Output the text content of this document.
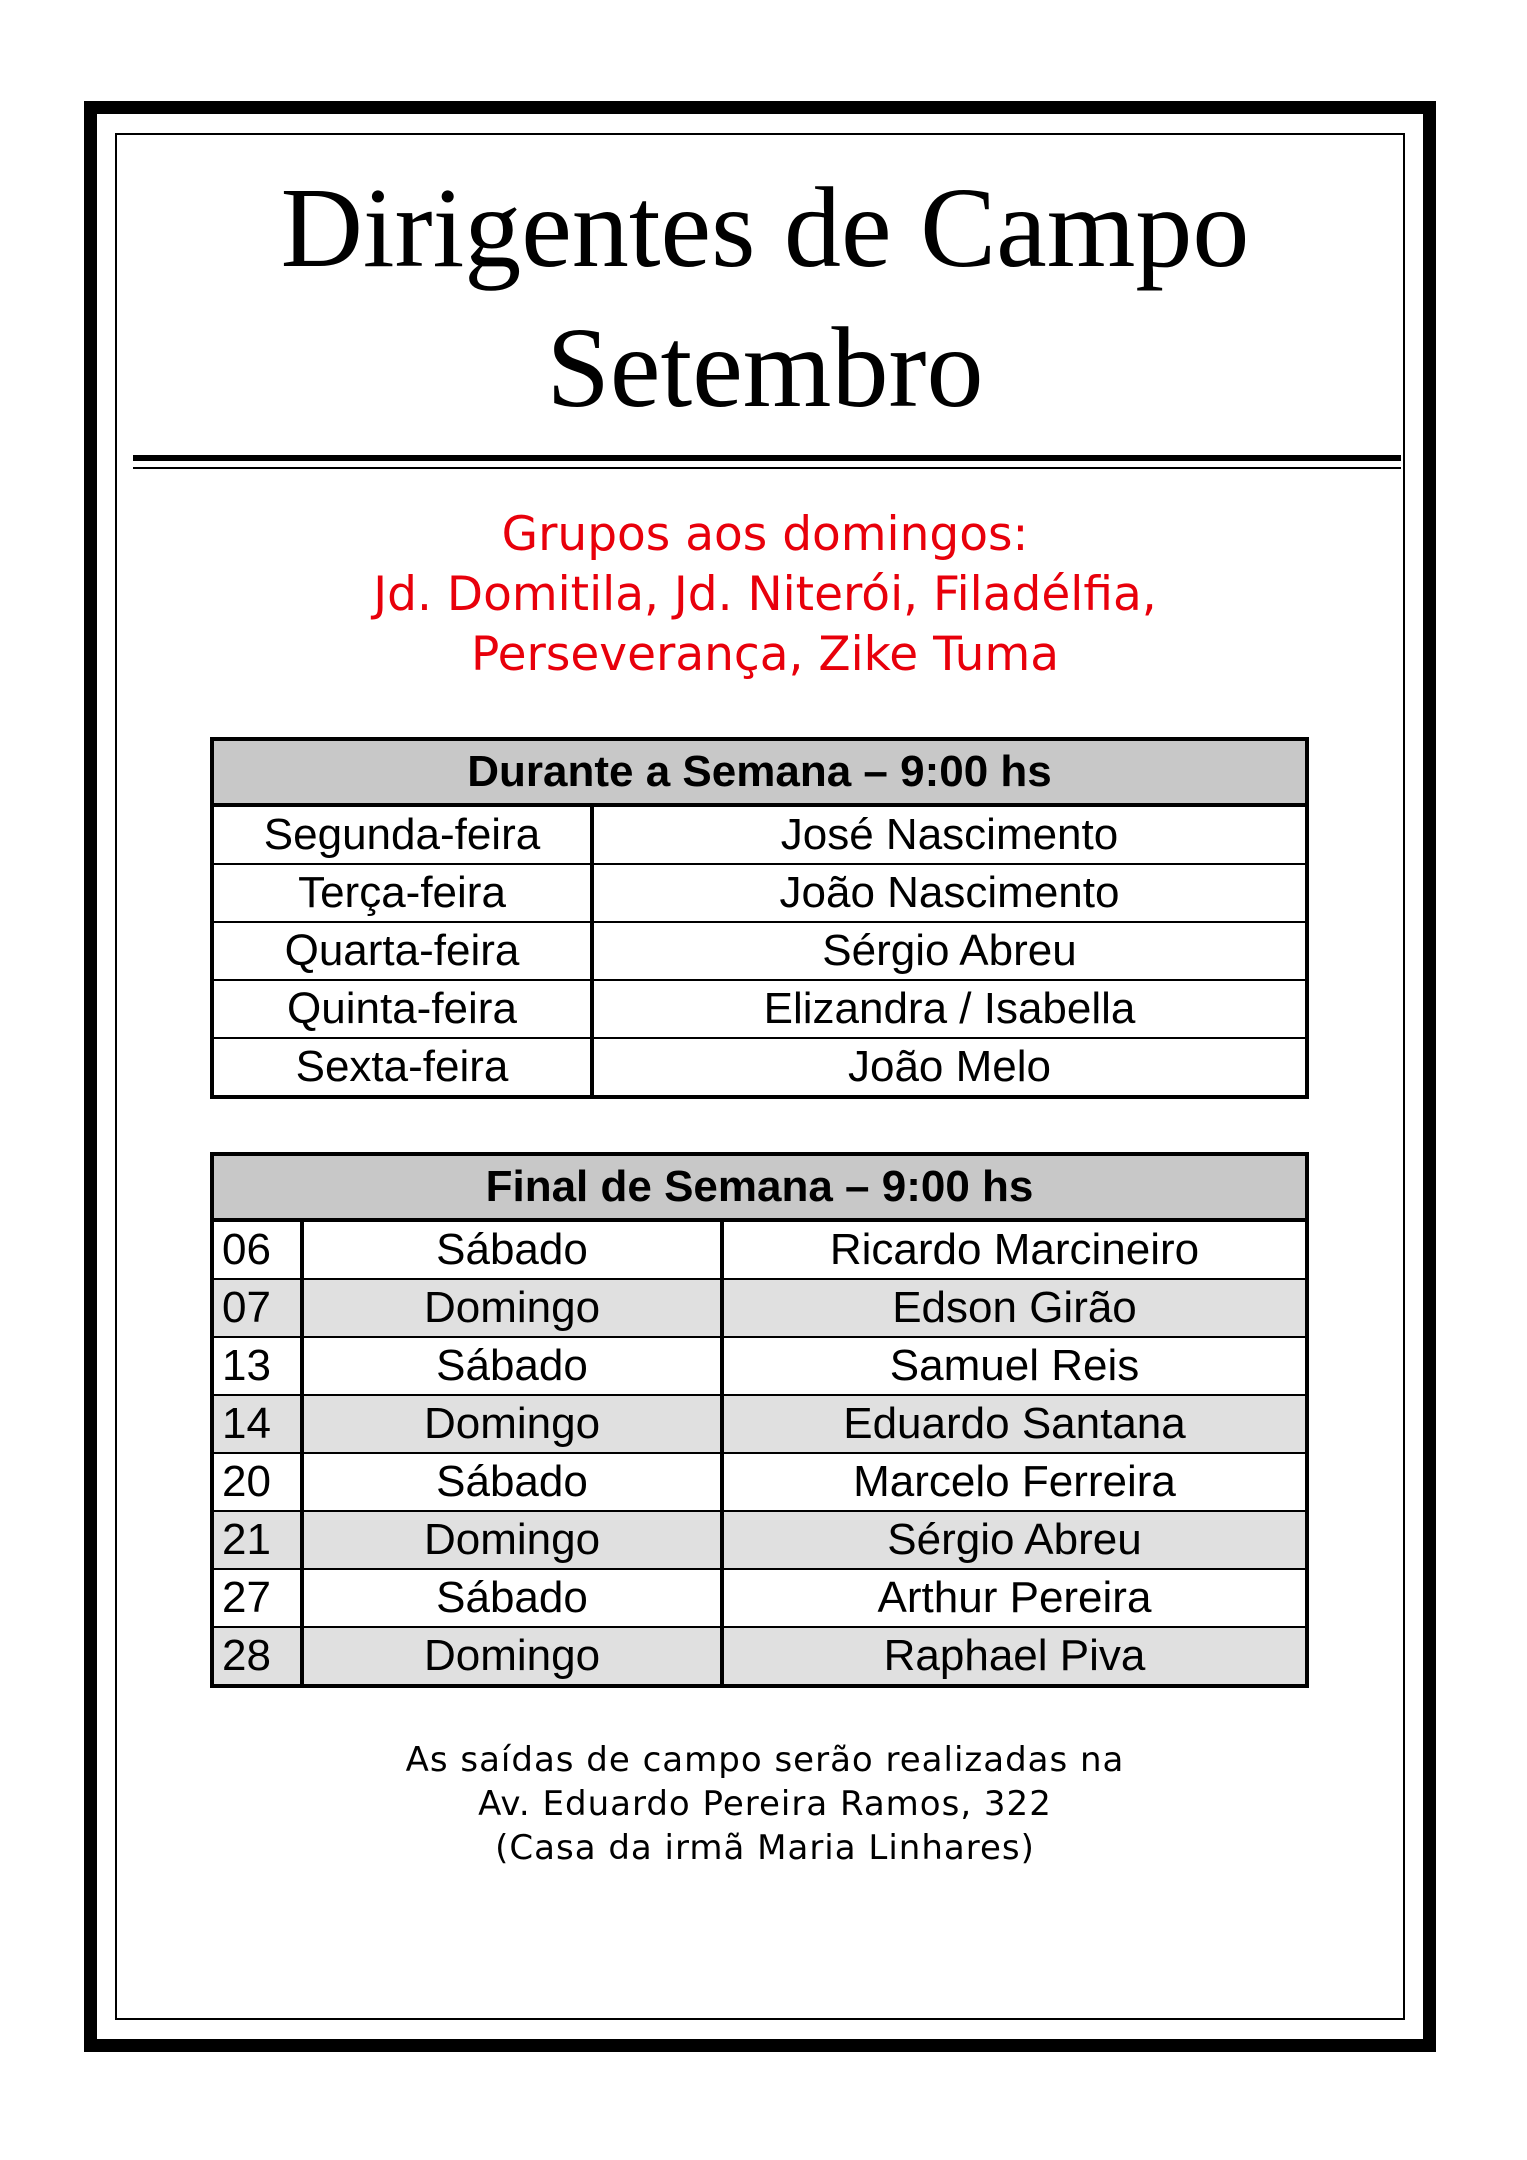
Dirigentes de Campo
Setembro
Grupos aos domingos:
Jd. Domitila, Jd. Niterói, Filadélfia,
Perseverança, Zike Tuma
Durante a Semana – 9:00 hs	
Segunda-feira	José Nascimento
Terça-feira	João Nascimento
Quarta-feira	Sérgio Abreu
Quinta-feira	Elizandra / Isabella
Sexta-feira	João Melo
Final de Semana – 9:00 hs		
06	Sábado	Ricardo Marcineiro
07	Domingo	Edson Girão
13	Sábado	Samuel Reis
14	Domingo	Eduardo Santana
20	Sábado	Marcelo Ferreira
21	Domingo	Sérgio Abreu
27	Sábado	Arthur Pereira
28	Domingo	Raphael Piva
As saídas de campo serão realizadas na
Av. Eduardo Pereira Ramos, 322
(Casa da irmã Maria Linhares)
